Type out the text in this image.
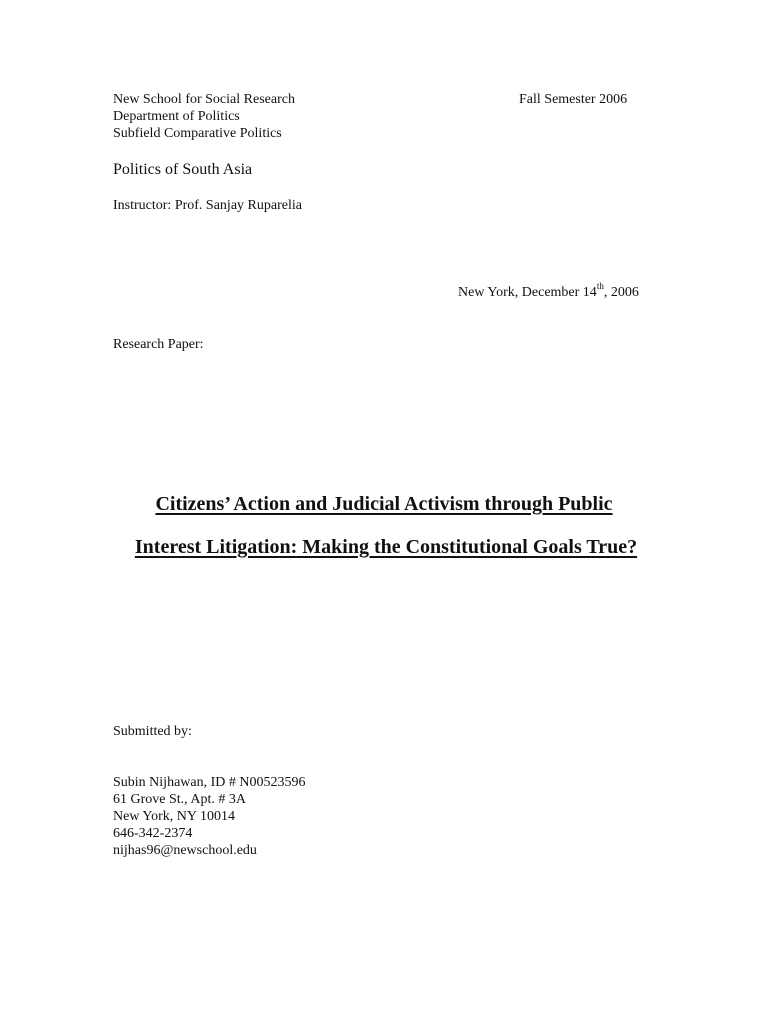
New School for Social Research
Department of Politics
Subfield Comparative Politics
Fall Semester 2006
Politics of South Asia
Instructor: Prof. Sanjay Ruparelia
New York, December 14th, 2006
Research Paper:
Citizens’ Action and Judicial Activism through Public
Interest Litigation: Making the Constitutional Goals True?
Submitted by:
Subin Nijhawan, ID # N00523596
61 Grove St., Apt. # 3A
New York, NY 10014
646-342-2374
nijhas96@newschool.edu
